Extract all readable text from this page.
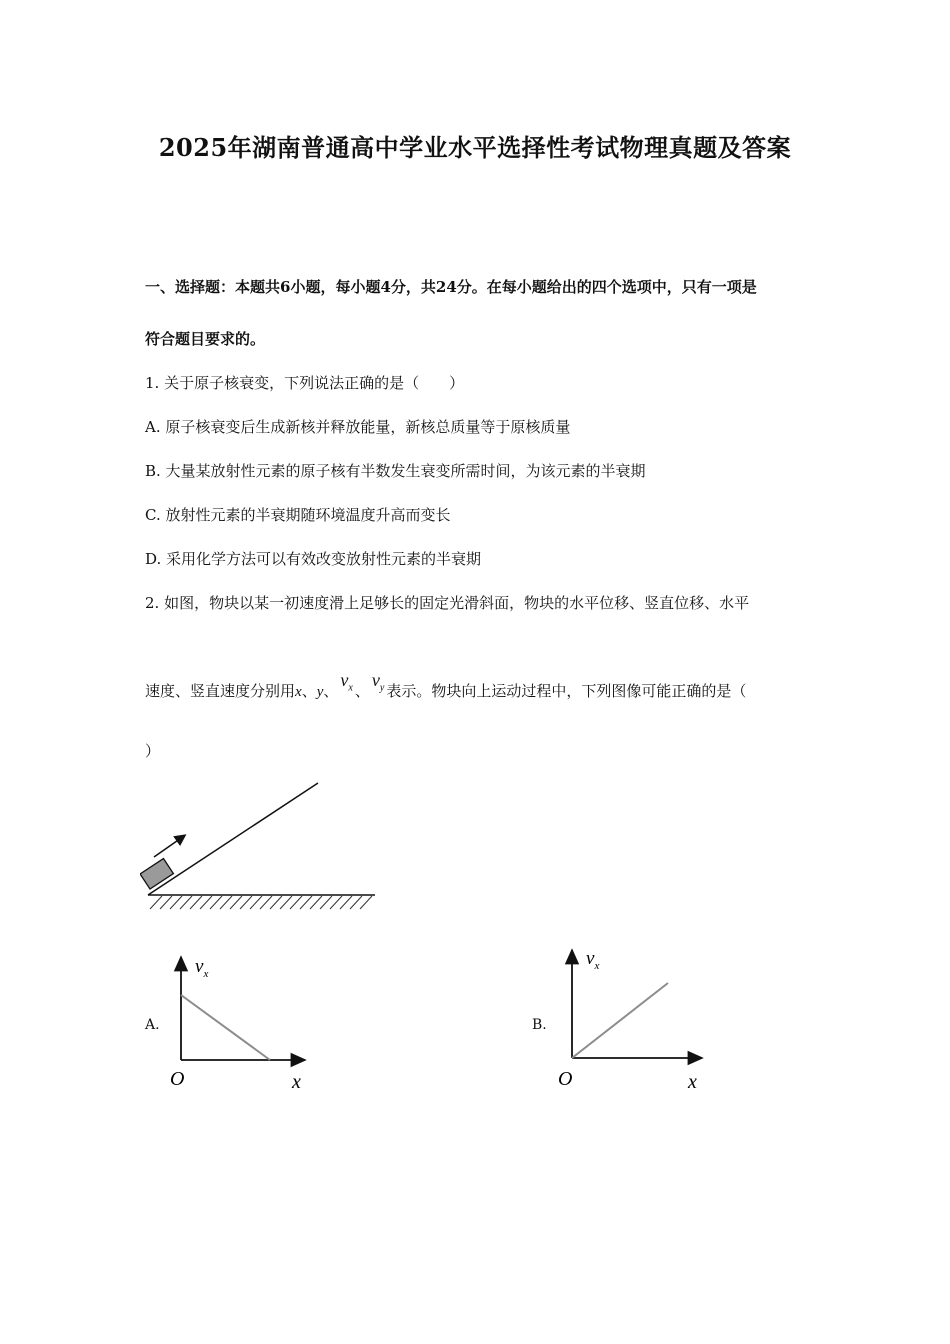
2025年湖南普通高中学业水平选择性考试物理真题及答案
一、选择题：本题共6小题，每小题4分，共24分。在每小题给出的四个选项中，只有一项是
符合题目要求的。
1. 关于原子核衰变，下列说法正确的是（　　）
A. 原子核衰变后生成新核并释放能量，新核总质量等于原核质量
B. 大量某放射性元素的原子核有半数发生衰变所需时间，为该元素的半衰期
C. 放射性元素的半衰期随环境温度升高而变长
D. 采用化学方法可以有效改变放射性元素的半衰期
2. 如图，物块以某一初速度滑上足够长的固定光滑斜面，物块的水平位移、竖直位移、水平
速度、竖直速度分别用x、y、$v_x$ 、$v_y$ 表示。物块向上运动过程中，下列图像可能正确的是（
）
A.
$v_x$
O	x
B.
$v_x$
O	x
